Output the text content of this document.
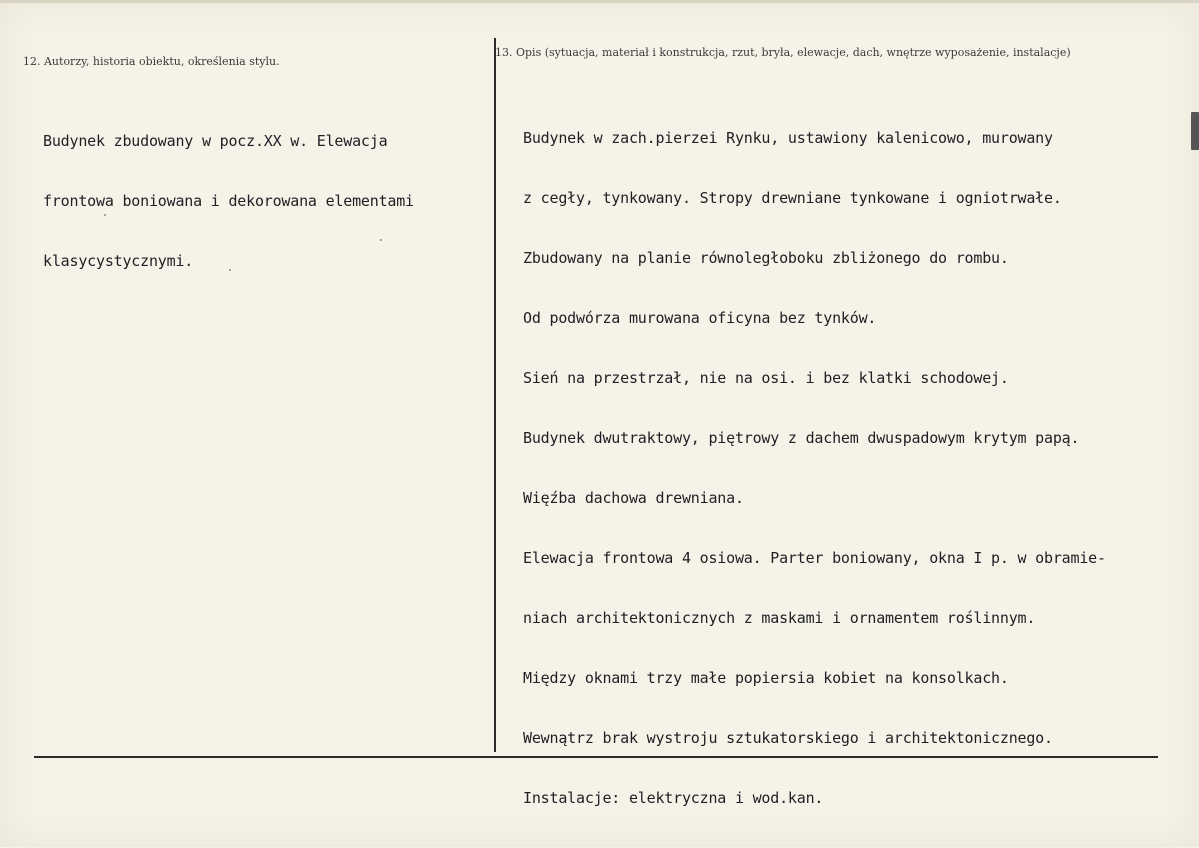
12. Autorzy, historia obiektu, określenia stylu.

Budynek zbudowany w pocz.XX w. Elewacja

frontowa boniowana i dekorowana elementami

klasycystycznymi.

13. Opis (sytuacja, materiał i konstrukcja, rzut, bryła, elewacje, dach, wnętrze wyposażenie, instalacje)

Budynek w zach.pierzei Rynku, ustawiony kalenicowo, murowany

z cegły, tynkowany. Stropy drewniane tynkowane i ogniotrwałe.

Zbudowany na planie równoległoboku zbliżonego do rombu.

Od podwórza murowana oficyna bez tynków.

Sień na przestrzał, nie na osi. i bez klatki schodowej.

Budynek dwutraktowy, piętrowy z dachem dwuspadowym krytym papą.

Więźba dachowa drewniana.

Elewacja frontowa 4 osiowa. Parter boniowany, okna I p. w obramie-

niach architektonicznych z maskami i ornamentem roślinnym.

Między oknami trzy małe popiersia kobiet na konsolkach.

Wewnątrz brak wystroju sztukatorskiego i architektonicznego.

Instalacje: elektryczna i wod.kan.
